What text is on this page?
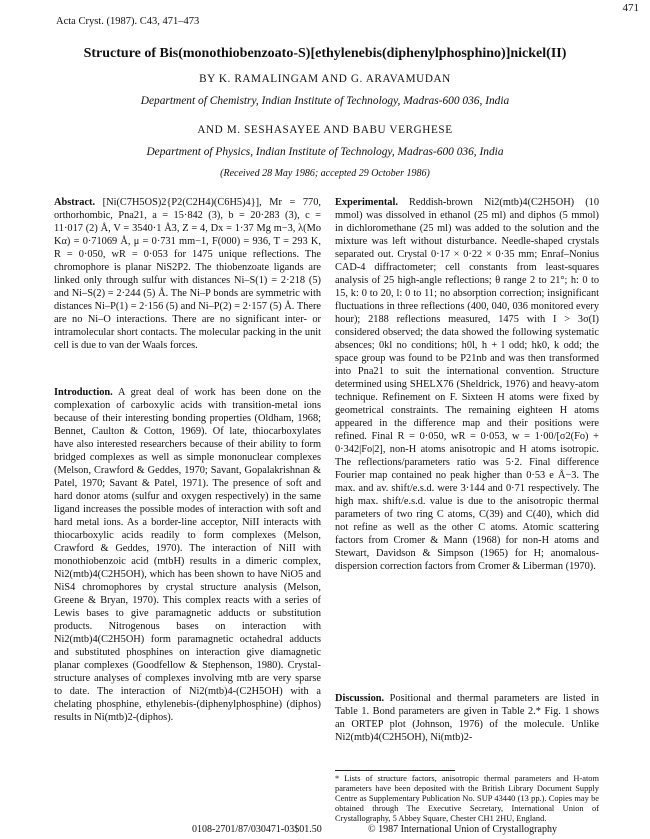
471
Acta Cryst. (1987). C43, 471–473
Structure of Bis(monothiobenzoato-S)[ethylenebis(diphenylphosphino)]nickel(II)
BY K. RAMALINGAM AND G. ARAVAMUDAN
Department of Chemistry, Indian Institute of Technology, Madras-600 036, India
AND M. SESHASAYEE AND BABU VERGHESE
Department of Physics, Indian Institute of Technology, Madras-600 036, India
(Received 28 May 1986; accepted 29 October 1986)

Abstract. [Ni(C7H5OS)2{P2(C2H4)(C6H5)4}], Mr = 770, orthorhombic, Pna21, a = 15·842 (3), b = 20·283 (3), c = 11·017 (2) Å, V = 3540·1 Å3, Z = 4, Dx = 1·37 Mg m−3, λ(Mo Kα) = 0·71069 Å, μ = 0·731 mm−1, F(000) = 936, T = 293 K, R = 0·050, wR = 0·053 for 1475 unique reflections. The chromophore is planar NiS2P2. The thiobenzoate ligands are linked only through sulfur with distances Ni–S(1) = 2·218 (5) and Ni–S(2) = 2·244 (5) Å. The Ni–P bonds are symmetric with distances Ni–P(1) = 2·156 (5) and Ni–P(2) = 2·157 (5) Å. There are no Ni–O interactions. There are no significant inter- or intramolecular short contacts. The molecular packing in the unit cell is due to van der Waals forces.

Introduction. A great deal of work has been done on the complexation of carboxylic acids with transition-metal ions because of their interesting bonding properties (Oldham, 1968; Bennet, Caulton & Cotton, 1969). Of late, thiocarboxylates have also interested researchers because of their ability to form bridged complexes as well as simple mononuclear complexes (Melson, Crawford & Geddes, 1970; Savant, Gopalakrishnan & Patel, 1970; Savant & Patel, 1971). The presence of soft and hard donor atoms (sulfur and oxygen respectively) in the same ligand increases the possible modes of interaction with soft and hard metal ions. As a border-line acceptor, NiII interacts with thiocarboxylic acids readily to form complexes (Melson, Crawford & Geddes, 1970). The interaction of NiII with monothiobenzoic acid (mtbH) results in a dimeric complex, Ni2(mtb)4(C2H5OH), which has been shown to have NiO5 and NiS4 chromophores by crystal structure analysis (Melson, Greene & Bryan, 1970). This complex reacts with a series of Lewis bases to give paramagnetic adducts or substitution products. Nitrogenous bases on interaction with Ni2(mtb)4(C2H5OH) form paramagnetic octahedral adducts and substituted phosphines on interaction give diamagnetic planar complexes (Goodfellow & Stephenson, 1980). Crystal-structure analyses of complexes involving mtb are very sparse to date. The interaction of Ni2(mtb)4-(C2H5OH) with a chelating phosphine, ethylenebis-(diphenylphosphine) (diphos) results in Ni(mtb)2-(diphos).

Experimental. Reddish-brown Ni2(mtb)4(C2H5OH) (10 mmol) was dissolved in ethanol (25 ml) and diphos (5 mmol) in dichloromethane (25 ml) was added to the solution and the mixture was left without disturbance. Needle-shaped crystals separated out. Crystal 0·17 × 0·22 × 0·35 mm; Enraf–Nonius CAD-4 diffractometer; cell constants from least-squares analysis of 25 high-angle reflections; θ range 2 to 21°; h: 0 to 15, k: 0 to 20, l: 0 to 11; no absorption correction; insignificant fluctuations in three reflections (400, 040, 036 monitored every hour); 2188 reflections measured, 1475 with I > 3σ(I) considered observed; the data showed the following systematic absences; 0kl no conditions; h0l, h + l odd; hk0, k odd; the space group was found to be P21nb and was then transformed into Pna21 to suit the international convention. Structure determined using SHELX76 (Sheldrick, 1976) and heavy-atom technique. Refinement on F. Sixteen H atoms were fixed by geometrical constraints. The remaining eighteen H atoms appeared in the difference map and their positions were refined. Final R = 0·050, wR = 0·053, w = 1·00/[σ2(Fo) + 0·342|Fo|2], non-H atoms anisotropic and H atoms isotropic. The reflections/parameters ratio was 5·2. Final difference Fourier map contained no peak higher than 0·53 e Å−3. The max. and av. shift/e.s.d. were 3·144 and 0·71 respectively. The high max. shift/e.s.d. value is due to the anisotropic thermal parameters of two ring C atoms, C(39) and C(40), which did not refine as well as the other C atoms. Atomic scattering factors from Cromer & Mann (1968) for non-H atoms and Stewart, Davidson & Simpson (1965) for H; anomalous-dispersion correction factors from Cromer & Liberman (1970).

Discussion. Positional and thermal parameters are listed in Table 1. Bond parameters are given in Table 2.* Fig. 1 shows an ORTEP plot (Johnson, 1976) of the molecule. Unlike Ni2(mtb)4(C2H5OH), Ni(mtb)2-

* Lists of structure factors, anisotropic thermal parameters and H-atom parameters have been deposited with the British Library Document Supply Centre as Supplementary Publication No. SUP 43440 (13 pp.). Copies may be obtained through The Executive Secretary, International Union of Crystallography, 5 Abbey Square, Chester CH1 2HU, England.
0108-2701/87/030471-03$01.50	© 1987 International Union of Crystallography
